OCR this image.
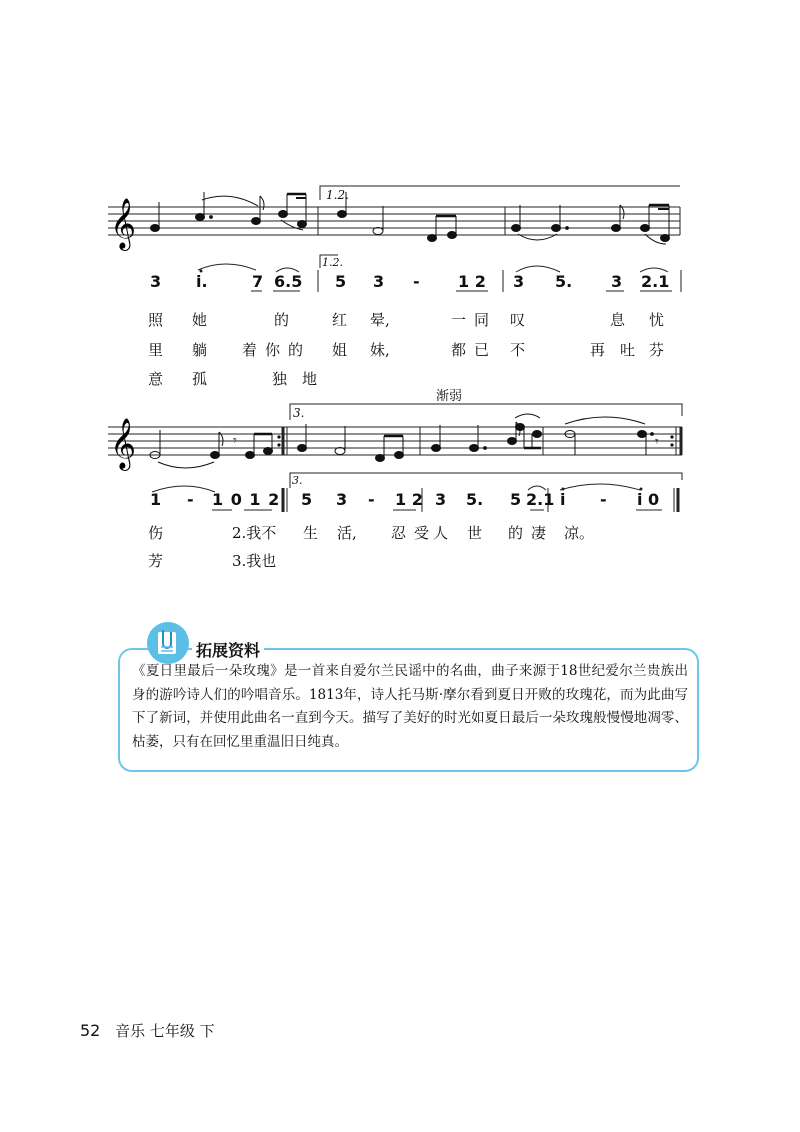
𝄞
𝄞	𝄾	𝄾
1.2.
1.2.
3.
3.
渐弱
3 i.	7 6.5 5 3 - 1 2 3 5. 3 2.1
照 她	的	红 晕,	一同 叹	息 忧
里 躺 着你的 姐 妹,	都已 不	再 吐 芬
意 孤	独 地
1 - 1 0 1 2 5 3 - 1 2 3 5. 5 2.1 i - i 0
伤	2.我不 生 活, 忍受
人 世 的凄 凉。
芳	3.我也
拓展资料
《夏日里最后一朵玫瑰》是一首来自爱尔兰民谣中的名曲，曲子来源于18世纪爱尔兰贵族出身的游吟诗人们的吟唱音乐。1813年，诗人托马斯·摩尔看到夏日开败的玫瑰花，而为此曲写下了新词，并使用此曲名一直到今天。描写了美好的时光如夏日最后一朵玫瑰般慢慢地凋零、枯萎，只有在回忆里重温旧日纯真。
52 音乐 七年级 下
